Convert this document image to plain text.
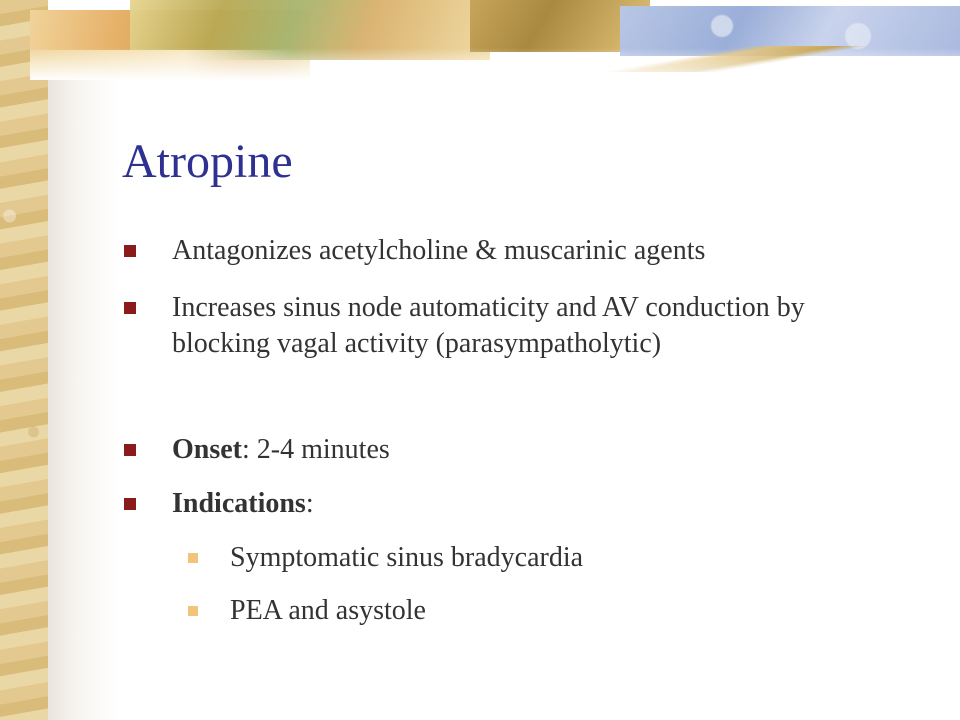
Atropine
Antagonizes acetylcholine & muscarinic agents
Increases sinus node automaticity and AV conduction by blocking vagal activity (parasympatholytic)
Onset: 2-4 minutes
Indications:
Symptomatic sinus bradycardia
PEA and asystole
